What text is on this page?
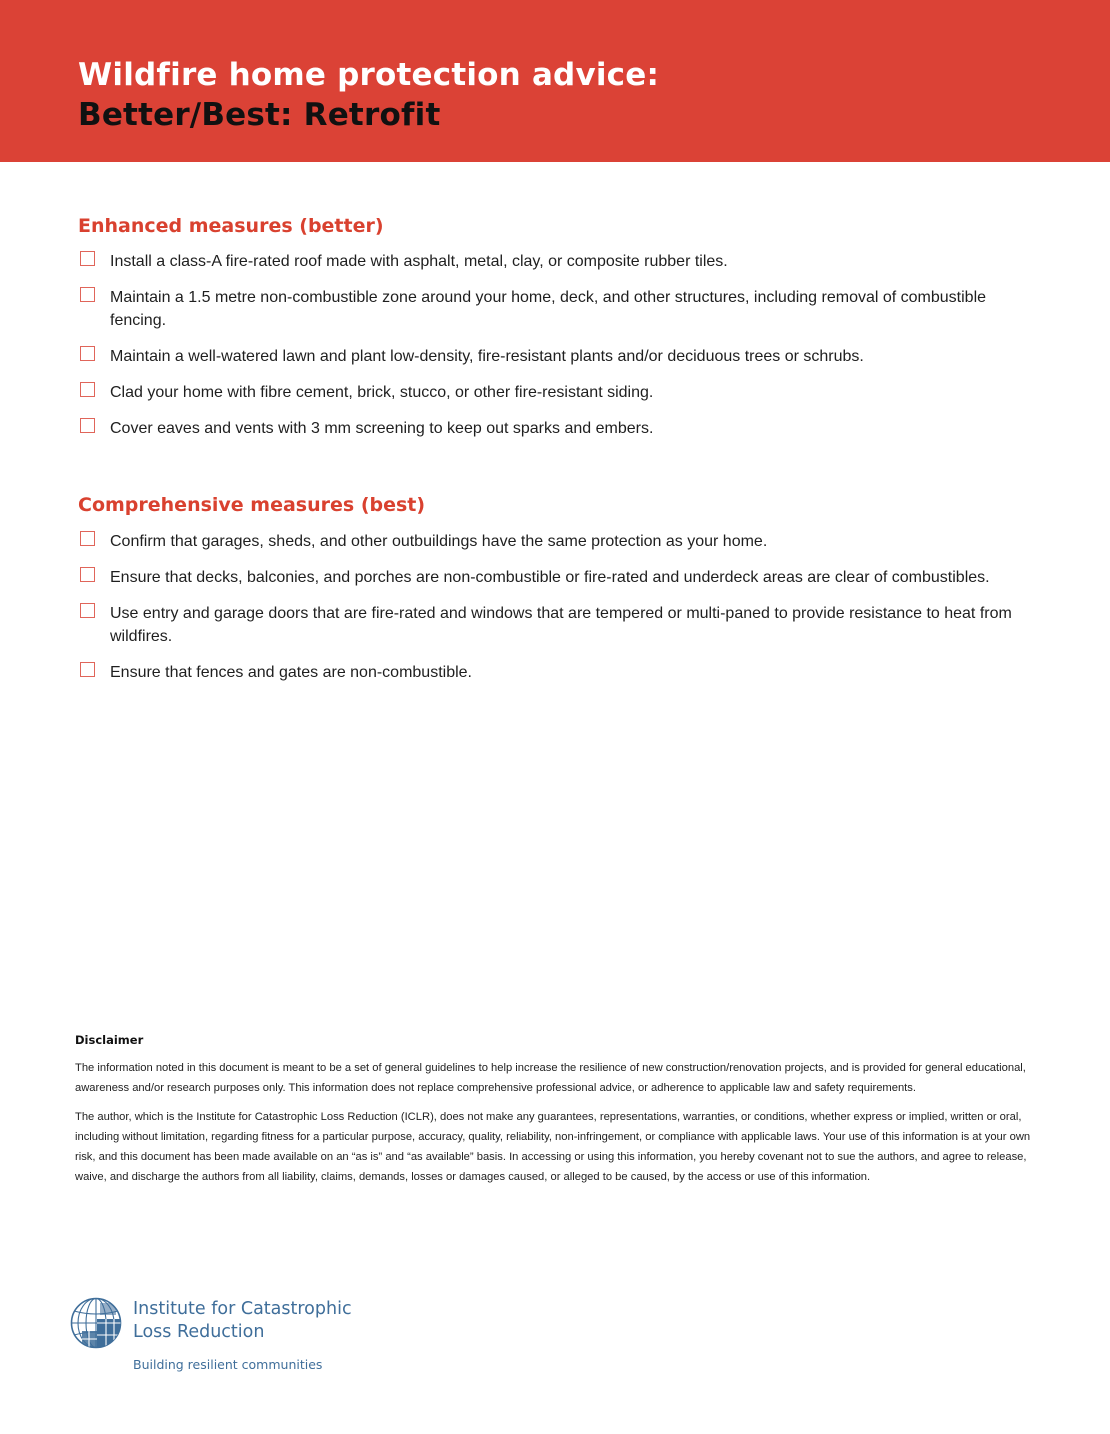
Wildfire home protection advice:
Better/Best: Retrofit
Enhanced measures (better)
Install a class-A fire-rated roof made with asphalt, metal, clay, or composite rubber tiles.
Maintain a 1.5 metre non-combustible zone around your home, deck, and other structures, including removal of combustible fencing.
Maintain a well-watered lawn and plant low-density, fire-resistant plants and/or deciduous trees or schrubs.
Clad your home with fibre cement, brick, stucco, or other fire-resistant siding.
Cover eaves and vents with 3 mm screening to keep out sparks and embers.
Comprehensive measures (best)
Confirm that garages, sheds, and other outbuildings have the same protection as your home.
Ensure that decks, balconies, and porches are non-combustible or fire-rated and underdeck areas are clear of combustibles.
Use entry and garage doors that are fire-rated and windows that are tempered or multi-paned to provide resistance to heat from wildfires.
Ensure that fences and gates are non-combustible.
Disclaimer

The information noted in this document is meant to be a set of general guidelines to help increase the resilience of new construction/renovation projects, and is provided for general educational, awareness and/or research purposes only. This information does not replace comprehensive professional advice, or adherence to applicable law and safety requirements.

The author, which is the Institute for Catastrophic Loss Reduction (ICLR), does not make any guarantees, representations, warranties, or conditions, whether express or implied, written or oral, including without limitation, regarding fitness for a particular purpose, accuracy, quality, reliability, non-infringement, or compliance with applicable laws. Your use of this information is at your own risk, and this document has been made available on an “as is” and “as available” basis. In accessing or using this information, you hereby covenant not to sue the authors, and agree to release, waive, and discharge the authors from all liability, claims, demands, losses or damages caused, or alleged to be caused, by the access or use of this information.

Institute for Catastrophic
Loss Reduction
Building resilient communities
